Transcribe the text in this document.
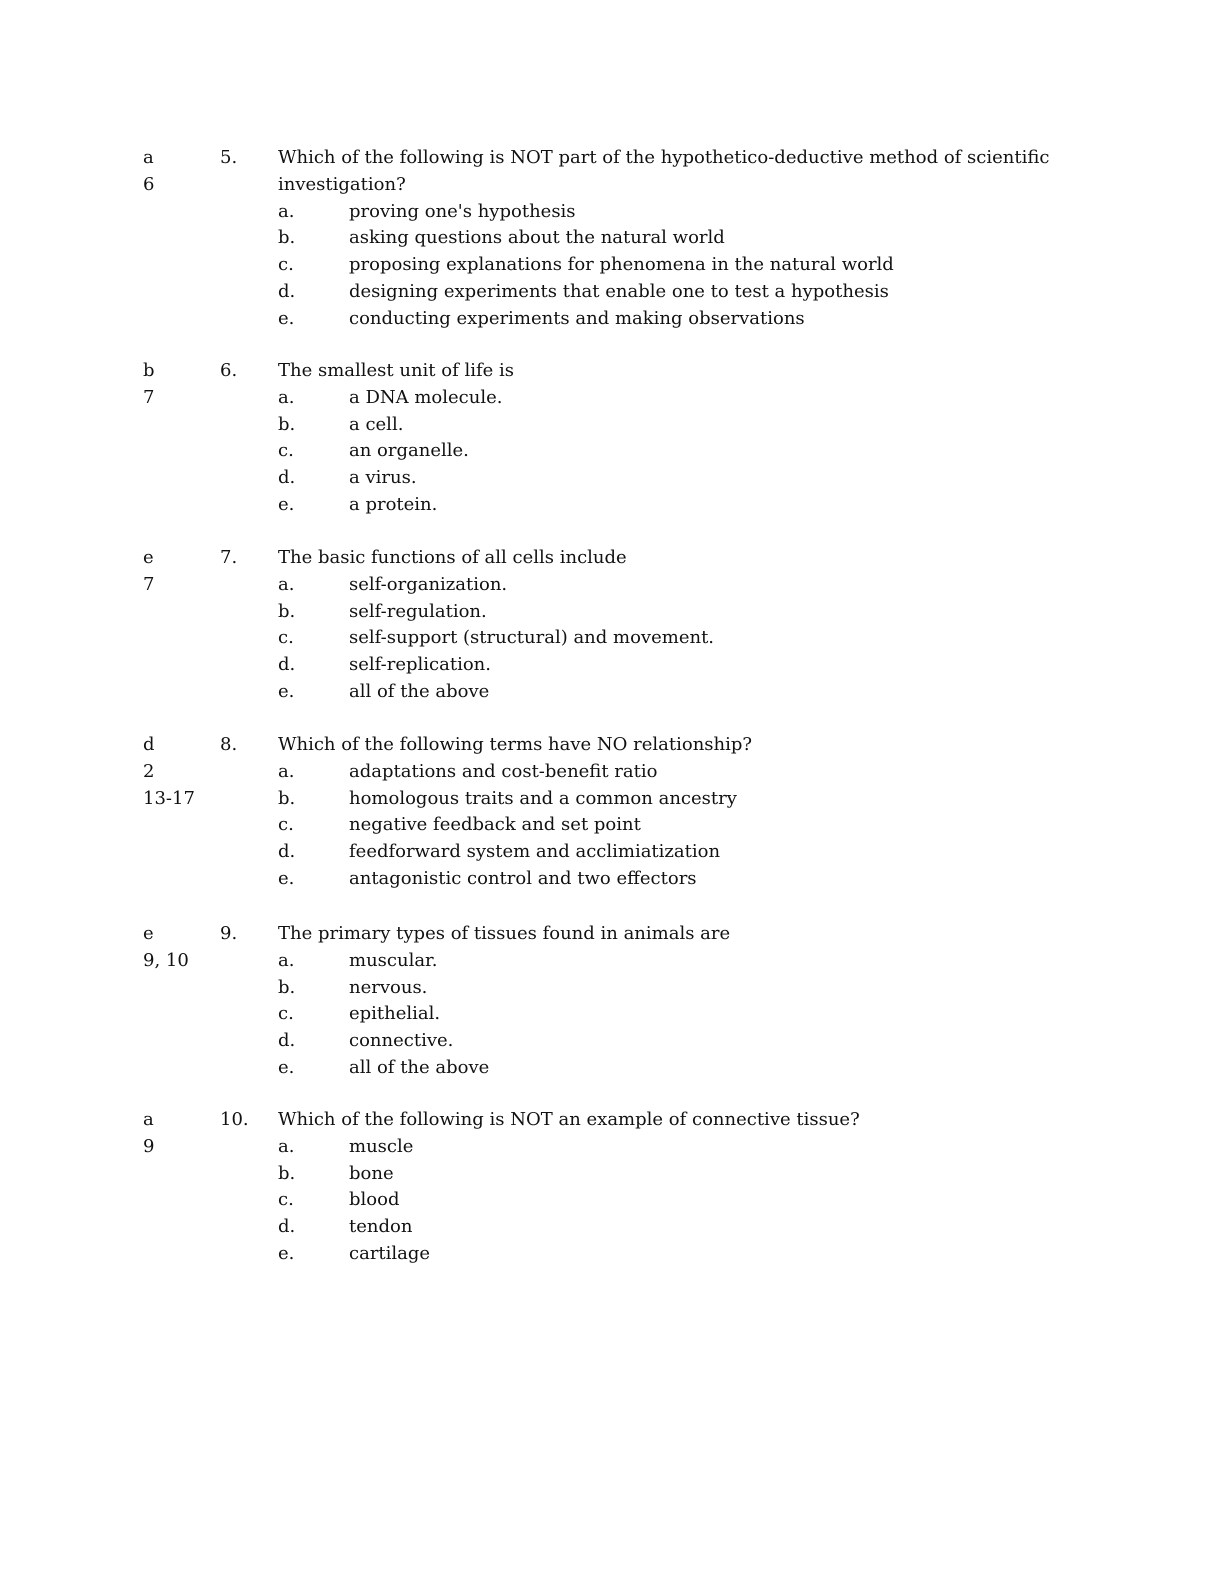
a	5. Which of the following is NOT part of the hypothetico-deductive method of scientific
6	investigation?
a.	proving one's hypothesis
b.	asking questions about the natural world
c.	proposing explanations for phenomena in the natural world
d.	designing experiments that enable one to test a hypothesis
e.	conducting experiments and making observations
b	6. The smallest unit of life is
7	a.	a DNA molecule.
b.	a cell.
c.	an organelle.
d.	a virus.
e.	a protein.
e	7. The basic functions of all cells include
7	a.	self-organization.
b.	self-regulation.
c.	self-support (structural) and movement.
d.	self-replication.
e.	all of the above
d	8. Which of the following terms have NO relationship?
2	a.	adaptations and cost-benefit ratio
13-17	b.	homologous traits and a common ancestry
c.	negative feedback and set point
d.	feedforward system and acclimiatization
e.	antagonistic control and two effectors
e	9. The primary types of tissues found in animals are
9, 10	a.	muscular.
b.	nervous.
c.	epithelial.
d.	connective.
e.	all of the above
a	10. Which of the following is NOT an example of connective tissue?
9	a.	muscle
b.	bone
c.	blood
d.	tendon
e.	cartilage
